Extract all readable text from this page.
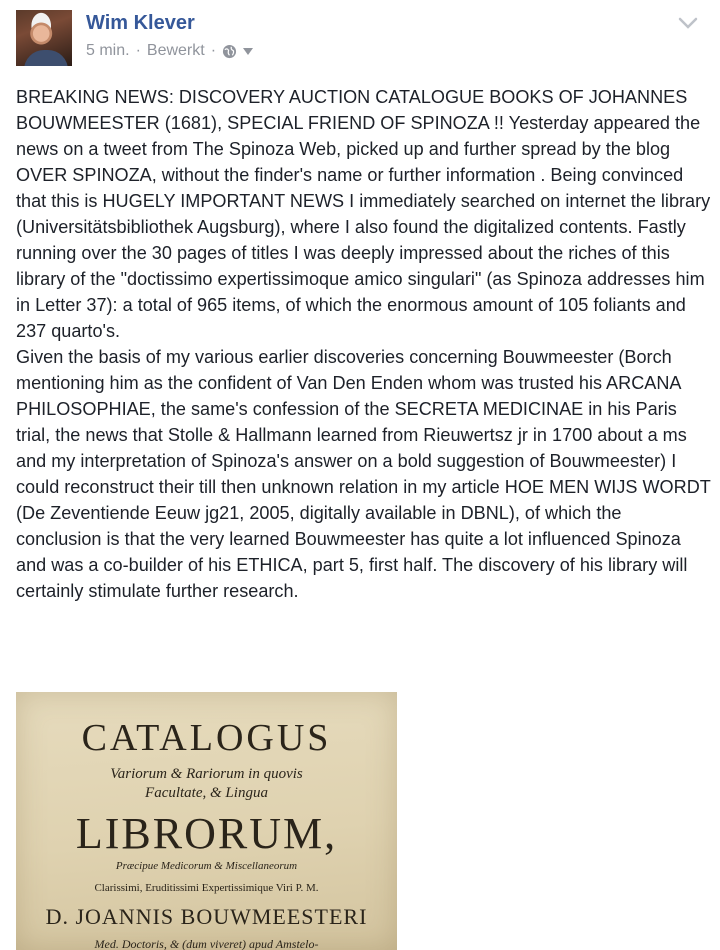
Wim Klever
5 min. · Bewerkt ·
BREAKING NEWS: DISCOVERY AUCTION CATALOGUE BOOKS OF JOHANNES BOUWMEESTER (1681), SPECIAL FRIEND OF SPINOZA !! Yesterday appeared the news on a tweet from The Spinoza Web, picked up and further spread by the blog OVER SPINOZA, without the finder's name or further information . Being convinced that this is HUGELY IMPORTANT NEWS I immediately searched on internet the library (Universitätsbibliothek Augsburg), where I also found the digitalized contents. Fastly running over the 30 pages of titles I was deeply impressed about the riches of this library of the "doctissimo expertissimoque amico singulari" (as Spinoza addresses him in Letter 37): a total of 965 items, of which the enormous amount of 105 foliants and 237 quarto's.
Given the basis of my various earlier discoveries concerning Bouwmeester (Borch mentioning him as the confident of Van Den Enden whom was trusted his ARCANA PHILOSOPHIAE, the same's confession of the SECRETA MEDICINAE in his Paris trial, the news that Stolle & Hallmann learned from Rieuwertsz jr in 1700 about a ms and my interpretation of Spinoza's answer on a bold suggestion of Bouwmeester) I could reconstruct their till then unknown relation in my article HOE MEN WIJS WORDT (De Zeventiende Eeuw jg21, 2005, digitally available in DBNL), of which the conclusion is that the very learned Bouwmeester has quite a lot influenced Spinoza and was a co-builder of his ETHICA, part 5, first half. The discovery of his library will certainly stimulate further research.
CATALOGUS
Variorum & Rariorum in quovis
Facultate, & Lingua
LIBRORUM,
Præcipue Medicorum & Miscellaneorum
Clarissimi, Eruditissimi Expertissimique Viri P. M.
D. JOANNIS BOUWMEESTERI
Med. Doctoris, & (dum viveret) apud Amstelo-
